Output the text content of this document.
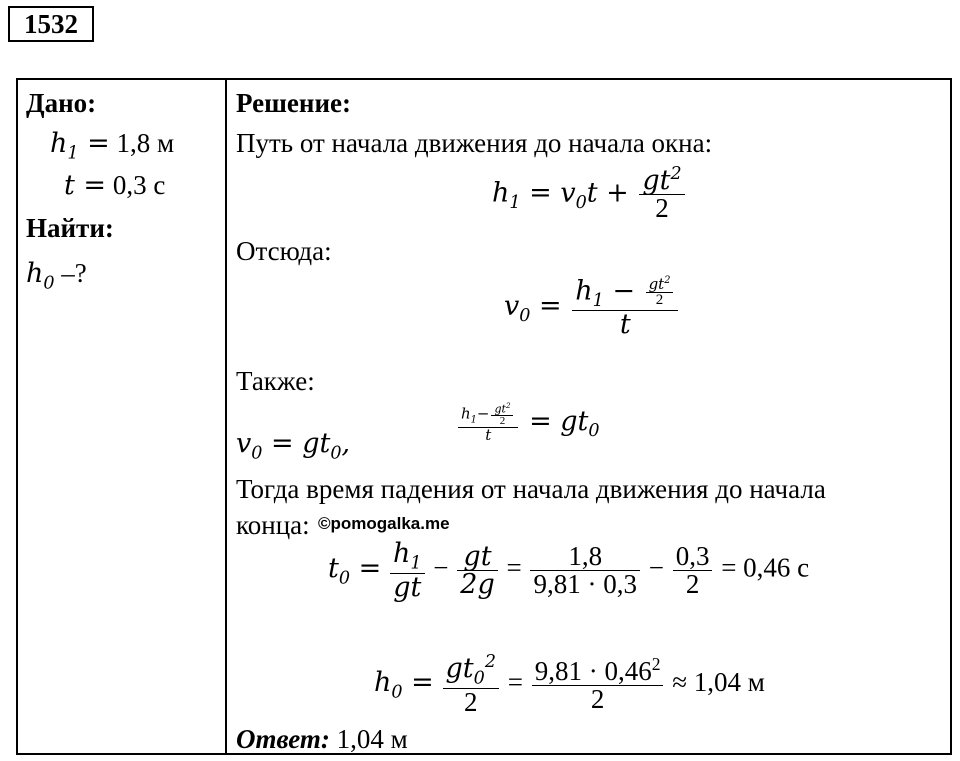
1532
Дано:
$h_1 = 1,8$ м
t = 0,3 с
Найти:
$h_0$ –?
Решение:
Путь от начала движения до начала окна:
$h_1 = v_0t + \frac{gt^2}{2}$
Отсюда:
$v_0 = \frac{h_1 - \frac{gt^2}{2}}{t}$
Также:
$v_0 = gt_0$,
$\frac{h_1- \frac{gt^2}{2}}{t} = gt_0$
Тогда время падения от начала движения до начала
конца: ©pomogalka.me
$t_0 = \frac{h_1}{gt} - \frac{gt}{2g} = \frac{1,8}{9,81 \cdot 0,3} - \frac{0,3}{2} = 0,46$ с
$h_0 = \frac{gt_0^2}{2} = \frac{9,81 \cdot 0,46^2}{2} \approx 1,04$ м
Ответ: 1,04 м
